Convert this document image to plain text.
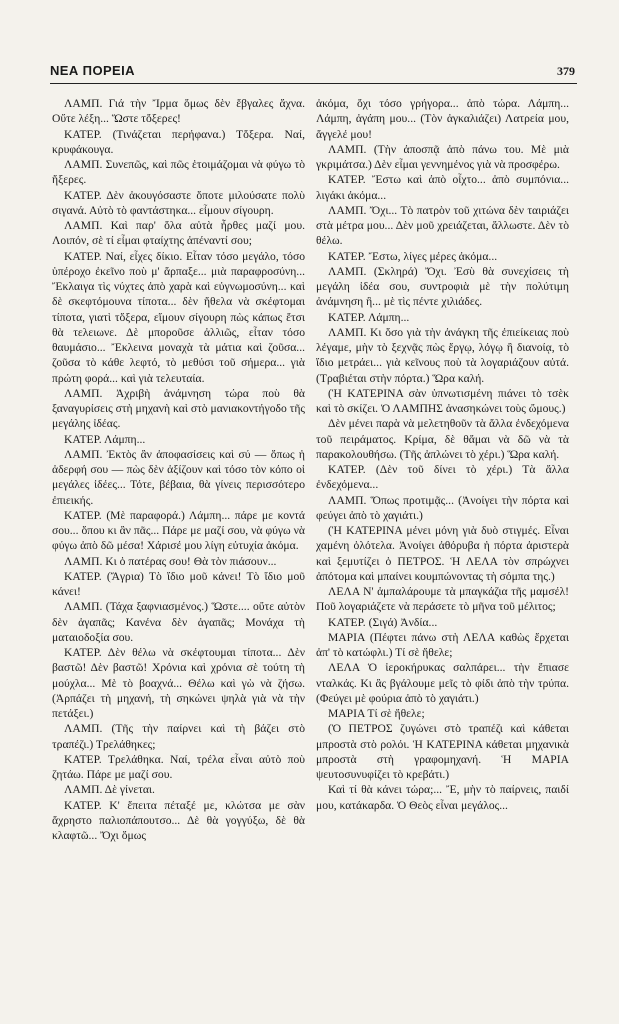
ΝΕΑ ΠΟΡΕΙΑ	379

ΛΑΜΠ. Γιά τὴν Ἴρμα ὅμως δὲν ἔβγαλες ἄχνα. Οὔτε λέξη... Ὥστε τὄξερες!

ΚΑΤΕΡ. (Τινάζεται περήφανα.) Τὄξερα. Ναί, κρυφάκουγα.

ΛΑΜΠ. Συνεπῶς, καὶ πῶς ἑτοιμάζομαι νὰ φύγω τὸ ἤξερες.

ΚΑΤΕΡ. Δὲν ἀκουγόσαστε ὅποτε μιλούσατε πολὺ σιγανά. Αὐτὸ τὸ φαντάστηκα... εἶμουν σίγουρη.

ΛΑΜΠ. Καὶ παρ' ὅλα αὐτὰ ἦρθες μαζί μου. Λοιπόν, σὲ τί εἶμαι φταίχτης ἀπέναντί σου;

ΚΑΤΕΡ. Ναί, εἶχες δίκιο. Εἶταν τόσο μεγάλο, τόσο ὑπέροχο ἐκεῖνο ποὺ μ' ἄρπαξε... μιὰ παραφροσύνη... Ἔκλαιγα τὶς νύχτες ἀπὸ χαρὰ καὶ εὐγνωμοσύνη... καὶ δὲ σκεφτόμουνα τίποτα... δὲν ἤθελα νὰ σκέφτομαι τίποτα, γιατὶ τὄξερα, εἴμουν σίγουρη πὼς κάπως ἔτσι θὰ τελειωνε. Δὲ μποροῦσε ἀλλιῶς, εἶταν τόσο θαυμάσιο... Ἔκλεινα μοναχὰ τὰ μάτια καὶ ζοῦσα... ζοῦσα τὸ κάθε λεφτό, τὸ μεθύσι τοῦ σήμερα... γιὰ πρώτη φορά... καὶ γιὰ τελευταία.

ΛΑΜΠ. Ἀχριβὴ ἀνάμνηση τώρα ποὺ θὰ ξαναγυρίσεις στὴ μηχανὴ καὶ στὸ μανιακοντήγοδο τῆς μεγάλης ἰδέας.

ΚΑΤΕΡ. Λάμπη...

ΛΑΜΠ. Ἐκτὸς ἂν ἀποφασίσεις καὶ σύ — ὅπως ἡ ἀδερφή σου — πὼς δὲν ἀξίζουν καὶ τόσο τὸν κόπο οἱ μεγάλες ἰδέες... Τότε, βέβαια, θὰ γίνεις περισσότερο ἐπιεικής.

ΚΑΤΕΡ. (Μὲ παραφορά.) Λάμπη... πάρε με κοντά σου... ὅπου κι ἂν πᾶς... Πάρε με μαζί σου, νὰ φύγω νὰ φύγω ἀπὸ δῶ μέσα! Χάρισέ μου λίγη εὐτυχία ἀκόμα.

ΛΑΜΠ. Κι ὁ πατέρας σου! Θὰ τὸν πιάσουν...

ΚΑΤΕΡ. (Ἄγρια) Τὸ ἴδιο μοῦ κάνει! Τὸ ἴδιο μοῦ κάνει!

ΛΑΜΠ. (Τάχα ξαφνιασμένος.) Ὥστε.... οὔτε αὐτὸν δὲν ἀγαπᾶς; Κανένα δὲν ἀγαπᾶς; Μονάχα τὴ ματαιοδοξία σου.

ΚΑΤΕΡ. Δὲν θέλω νὰ σκέφτουμαι τίποτα... Δὲν βαστῶ! Δὲν βαστῶ! Χρόνια καὶ χρόνια σὲ τούτη τὴ μούχλα... Μὲ τὸ βοαχνά... Θέλω καὶ γὼ νὰ ζήσω. (Ἀρπάζει τὴ μηχανή, τὴ σηκώνει ψηλὰ γιὰ νὰ τὴν πετάξει.)

ΛΑΜΠ. (Τῆς τὴν παίρνει καὶ τὴ βάζει στὸ τραπέζι.) Τρελάθηκες;

ΚΑΤΕΡ. Τρελάθηκα. Ναί, τρέλα εἶναι αὐτὸ ποὺ ζητάω. Πάρε με μαζί σου.

ΛΑΜΠ. Δὲ γίνεται.

ΚΑΤΕΡ. Κ' ἔπειτα πέταξέ με, κλώτσα με σὰν ἄχρηστο παλιοπάπουτσο... Δὲ θὰ γογγύξω, δὲ θὰ κλαφτῶ... Ὄχι ὅμως

ἀκόμα, ὄχι τόσο γρήγορα... ἀπὸ τώρα. Λάμπη... Λάμπη, ἀγάπη μου... (Τὸν ἀγκαλιάζει) Λατρεία μου, ἄγγελέ μου!

ΛΑΜΠ. (Τὴν ἀποσπᾷ ἀπὸ πάνω του. Μὲ μιὰ γκριμάτσα.) Δὲν εἶμαι γεννημένος γιὰ νὰ προσφέρω.

ΚΑΤΕΡ. Ἔστω καὶ ἀπὸ οἶχτο... ἀπὸ συμπόνια... λιγάκι ἀκόμα...

ΛΑΜΠ. Ὄχι... Τὸ πατρὸν τοῦ χιτώνα δὲν ταιριάζει στὰ μέτρα μου... Δὲν μοῦ χρειάζεται, ἄλλωστε. Δὲν τὸ θέλω.

ΚΑΤΕΡ. Ἔστω, λίγες μέρες ἀκόμα...

ΛΑΜΠ. (Σκληρά) Ὄχι. Ἐσὺ θὰ συνεχίσεις τὴ μεγάλη ἰδέα σου, συντροφιὰ μὲ τὴν πολύτιμη ἀνάμνηση ἢ... μὲ τὶς πέντε χιλιάδες.

ΚΑΤΕΡ. Λάμπη...

ΛΑΜΠ. Κι ὅσο γιὰ τὴν ἀνάγκη τῆς ἐπιείκειας ποὺ λέγαμε, μὴν τὸ ξεχνᾷς πὼς ἔργῳ, λόγῳ ἢ διανοίᾳ, τὸ ἴδιο μετράει... γιὰ κεῖνους ποὺ τὰ λογαριάζουν αὐτά. (Τραβιέται στὴν πόρτα.) Ὥρα καλή.

(Ἡ ΚΑΤΕΡΙΝΑ σὰν ὑπνωτισμένη πιάνει τὸ τσὲκ καὶ τὸ σκίζει. Ὁ ΛΑΜΠΗΣ ἀνασηκώνει τοὺς ὤμους.)

Δὲν μένει παρὰ νὰ μελετηθοῦν τὰ ἄλλα ἐνδεχόμενα τοῦ πειράματος. Κρίμα, δὲ θἄμαι νὰ δῶ νὰ τὰ παρακολουθήσω. (Τῆς ἁπλώνει τὸ χέρι.) Ὥρα καλή.

ΚΑΤΕΡ. (Δὲν τοῦ δίνει τὸ χέρι.) Τὰ ἄλλα ἐνδεχόμενα...

ΛΑΜΠ. Ὅπως προτιμᾷς... (Ἀνοίγει τὴν πόρτα καὶ φεύγει ἀπὸ τὸ χαγιάτι.)

(Ἡ ΚΑΤΕΡΙΝΑ μένει μόνη γιὰ δυὸ στιγμές. Εἶναι χαμένη ὁλότελα. Ἀνοίγει ἀθόρυβα ἡ πόρτα ἀριστερὰ καὶ ξεμυτίζει ὁ ΠΕΤΡΟΣ. Ἡ ΛΕΛΑ τὸν σπρώχνει ἀπότομα καὶ μπαίνει κουμπώνοντας τὴ σόμπα της.)

ΛΕΛΑ Ν' ἀμπαλάρουμε τὰ μπαγκάζια τῆς μαμσέλ! Ποῦ λογαριάζετε νὰ περάσετε τὸ μῆνα τοῦ μέλιτος;

ΚΑΤΕΡ. (Σιγά) Ἀνδία...

ΜΑΡΙΑ (Πέφτει πάνω στὴ ΛΕΛΑ καθὼς ἔρχεται ἀπ' τὸ κατώφλι.) Τί σὲ ἤθελε;

ΛΕΛΑ Ὁ ἱεροκήρυκας σαλπάρει... τὴν ἔπιασε νταλκάς. Κι ἂς βγάλουμε μεῖς τὸ φίδι ἀπὸ τὴν τρύπα. (Φεύγει μὲ φούρια ἀπὸ τὸ χαγιάτι.)

ΜΑΡΙΑ Τί σὲ ἤθελε;

(Ὁ ΠΕΤΡΟΣ ζυγώνει στὸ τραπέζι καὶ κάθεται μπροστὰ στὸ ρολόι. Ἡ ΚΑΤΕΡΙΝΑ κάθεται μηχανικὰ μπροστὰ στὴ γραφομηχανή. Ἡ ΜΑΡΙΑ ψευτοσυνυφίζει τὸ κρεβάτι.)

Καὶ τί θὰ κάνει τώρα;... Ἔ, μὴν τὸ παίρνεις, παιδί μου, κατάκαρδα. Ὁ Θεὸς εἶναι μεγάλος...
